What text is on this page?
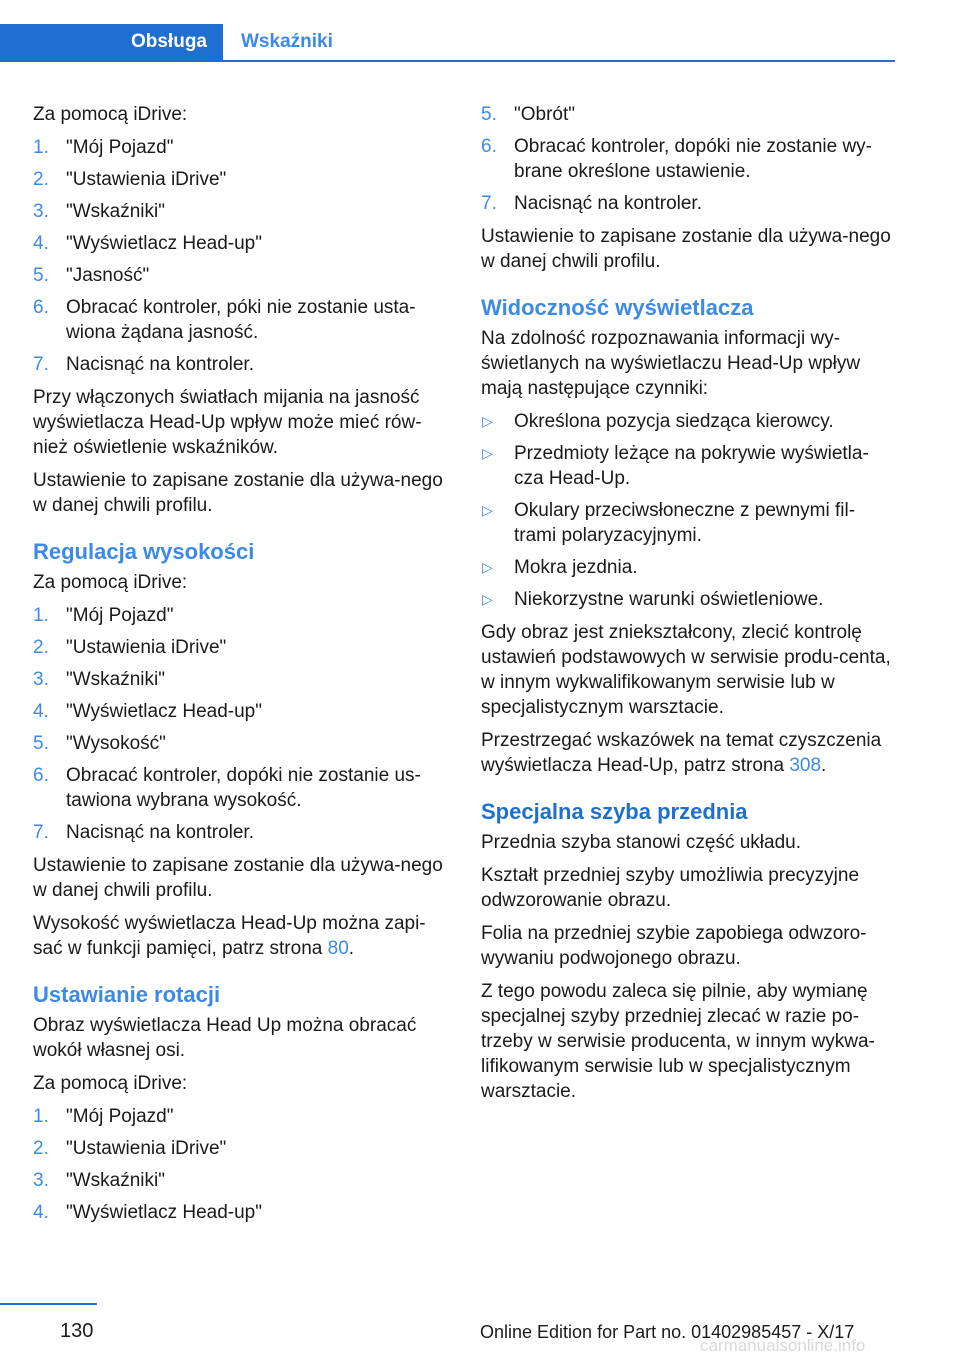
Obsługa	Wskaźniki

Za pomocą iDrive:

1. "Mój Pojazd"
2. "Ustawienia iDrive"
3. "Wskaźniki"
4. "Wyświetlacz Head-up"
5. "Jasność"
6. Obracać kontroler, póki nie zostanie usta‐wiona żądana jasność.
7. Nacisnąć na kontroler.

Przy włączonych światłach mijania na jasność wyświetlacza Head-Up wpływ może mieć rów‐nież oświetlenie wskaźników.

Ustawienie to zapisane zostanie dla używa‐nego w danej chwili profilu.

Regulacja wysokości

Za pomocą iDrive:

1. "Mój Pojazd"
2. "Ustawienia iDrive"
3. "Wskaźniki"
4. "Wyświetlacz Head-up"
5. "Wysokość"
6. Obracać kontroler, dopóki nie zostanie us‐tawiona wybrana wysokość.
7. Nacisnąć na kontroler.

Ustawienie to zapisane zostanie dla używa‐nego w danej chwili profilu.

Wysokość wyświetlacza Head-Up można zapi‐sać w funkcji pamięci, patrz strona 80.

Ustawianie rotacji

Obraz wyświetlacza Head Up można obracać wokół własnej osi.

Za pomocą iDrive:

1. "Mój Pojazd"
2. "Ustawienia iDrive"
3. "Wskaźniki"
4. "Wyświetlacz Head-up"
5. "Obrót"
6. Obracać kontroler, dopóki nie zostanie wy‐brane określone ustawienie.
7. Nacisnąć na kontroler.

Ustawienie to zapisane zostanie dla używa‐nego w danej chwili profilu.

Widoczność wyświetlacza

Na zdolność rozpoznawania informacji wy‐świetlanych na wyświetlaczu Head-Up wpływ mają następujące czynniki:

▷ Określona pozycja siedząca kierowcy.
▷ Przedmioty leżące na pokrywie wyświetla‐cza Head-Up.
▷ Okulary przeciwsłoneczne z pewnymi fil‐trami polaryzacyjnymi.
▷ Mokra jezdnia.
▷ Niekorzystne warunki oświetleniowe.

Gdy obraz jest zniekształcony, zlecić kontrolę ustawień podstawowych w serwisie produ‐centa, w innym wykwalifikowanym serwisie lub w specjalistycznym warsztacie.

Przestrzegać wskazówek na temat czyszczenia wyświetlacza Head-Up, patrz strona 308.

Specjalna szyba przednia

Przednia szyba stanowi część układu.

Kształt przedniej szyby umożliwia precyzyjne odwzorowanie obrazu.

Folia na przedniej szybie zapobiega odwzoro‐wywaniu podwojonego obrazu.

Z tego powodu zaleca się pilnie, aby wymianę specjalnej szyby przedniej zlecać w razie po‐trzeby w serwisie producenta, w innym wykwa‐lifikowanym serwisie lub w specjalistycznym warsztacie.

130	Online Edition for Part no. 01402985457 - X/17
carmanualsonline.info
